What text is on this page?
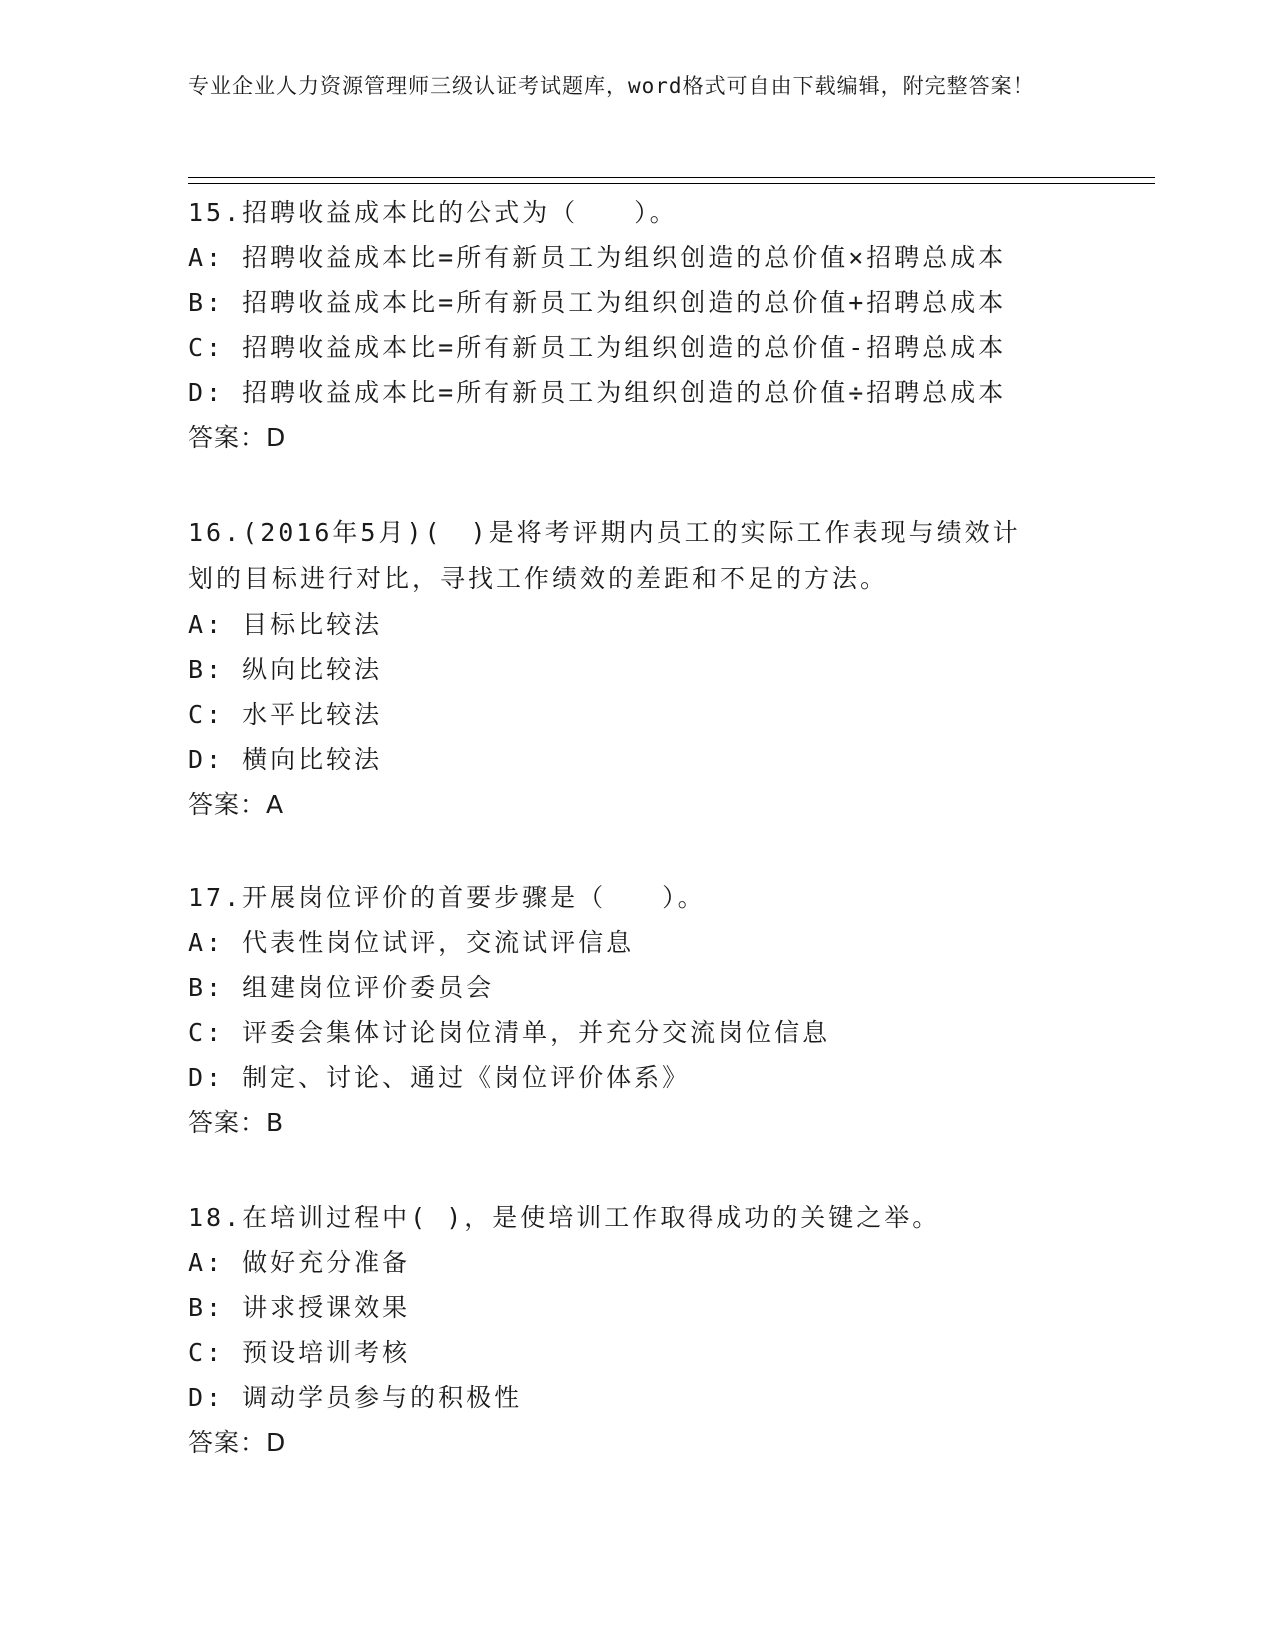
专业企业人力资源管理师三级认证考试题库，word格式可自由下载编辑，附完整答案！
15.招聘收益成本比的公式为（　　）。
A: 招聘收益成本比=所有新员工为组织创造的总价值×招聘总成本
B: 招聘收益成本比=所有新员工为组织创造的总价值+招聘总成本
C: 招聘收益成本比=所有新员工为组织创造的总价值-招聘总成本
D: 招聘收益成本比=所有新员工为组织创造的总价值÷招聘总成本
答案：D
16.(2016年5月)(　)是将考评期内员工的实际工作表现与绩效计划的目标进行对比，寻找工作绩效的差距和不足的方法。
A: 目标比较法
B: 纵向比较法
C: 水平比较法
D: 横向比较法
答案：A
17.开展岗位评价的首要步骤是（　　）。
A: 代表性岗位试评，交流试评信息
B: 组建岗位评价委员会
C: 评委会集体讨论岗位清单，并充分交流岗位信息
D: 制定、讨论、通过《岗位评价体系》
答案：B
18.在培训过程中( )，是使培训工作取得成功的关键之举。
A: 做好充分准备
B: 讲求授课效果
C: 预设培训考核
D: 调动学员参与的积极性
答案：D
